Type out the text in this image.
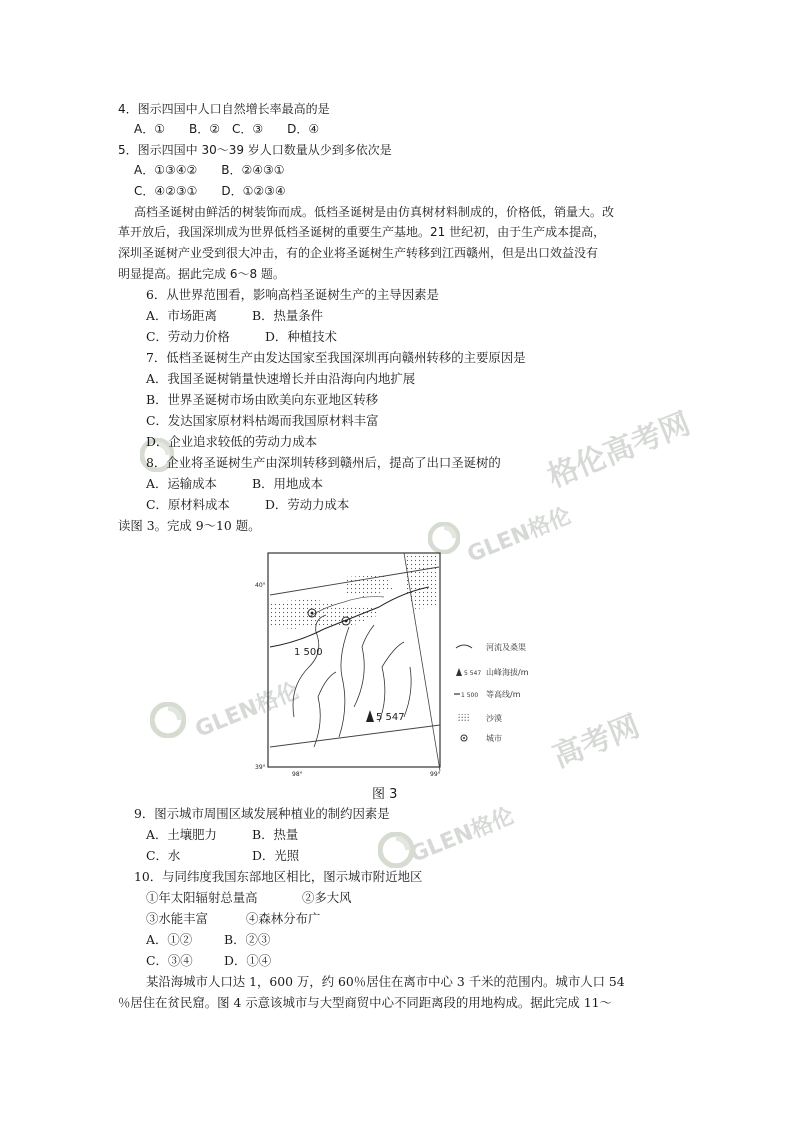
格伦高考网
高考网
GLEN格伦
GLEN格伦
GLEN格伦
4．图示四国中人口自然增长率最高的是
A．①　　B．②　C．③　　D．④
5．图示四国中 30～39 岁人口数量从少到多依次是
A．①③④②　　B．②④③①
C．④②③①　　D．①②③④
高档圣诞树由鲜活的树装饰而成。低档圣诞树是由仿真树材料制成的，价格低，销量大。改
革开放后，我国深圳成为世界低档圣诞树的重要生产基地。21 世纪初，由于生产成本提高，
深圳圣诞树产业受到很大冲击，有的企业将圣诞树生产转移到江西赣州，但是出口效益没有
明显提高。据此完成 6～8 题。
6．从世界范围看，影响高档圣诞树生产的主导因素是
A．市场距离	B．热量条件
C．劳动力价格	D．种植技术
7．低档圣诞树生产由发达国家至我国深圳再向赣州转移的主要原因是
A．我国圣诞树销量快速增长并由沿海向内地扩展
B．世界圣诞树市场由欧美向东亚地区转移
C．发达国家原材料枯竭而我国原材料丰富
D．企业追求较低的劳动力成本
8．企业将圣诞树生产由深圳转移到赣州后，提高了出口圣诞树的
A．运输成本	B．用地成本
C．原材料成本	D．劳动力成本
读图 3。完成 9～10 题。
5 547
1 500
40°
39°
98°	99°
河流及桑渠
5 547 山峰海拔/m
1 500 等高线/m
沙漠
城市
图 3
9．图示城市周围区域发展种植业的制约因素是
A．土壤肥力	B．热量
C．水	D．光照
10．与同纬度我国东部地区相比，图示城市附近地区
①年太阳辐射总量高	②多大风
③水能丰富	④森林分布广
A．①②	B．②③
C．③④	D．①④
某沿海城市人口达 1，600 万，约 60％居住在离市中心 3 千米的范围内。城市人口 54
％居住在贫民窟。图 4 示意该城市与大型商贸中心不同距离段的用地构成。据此完成 11～
